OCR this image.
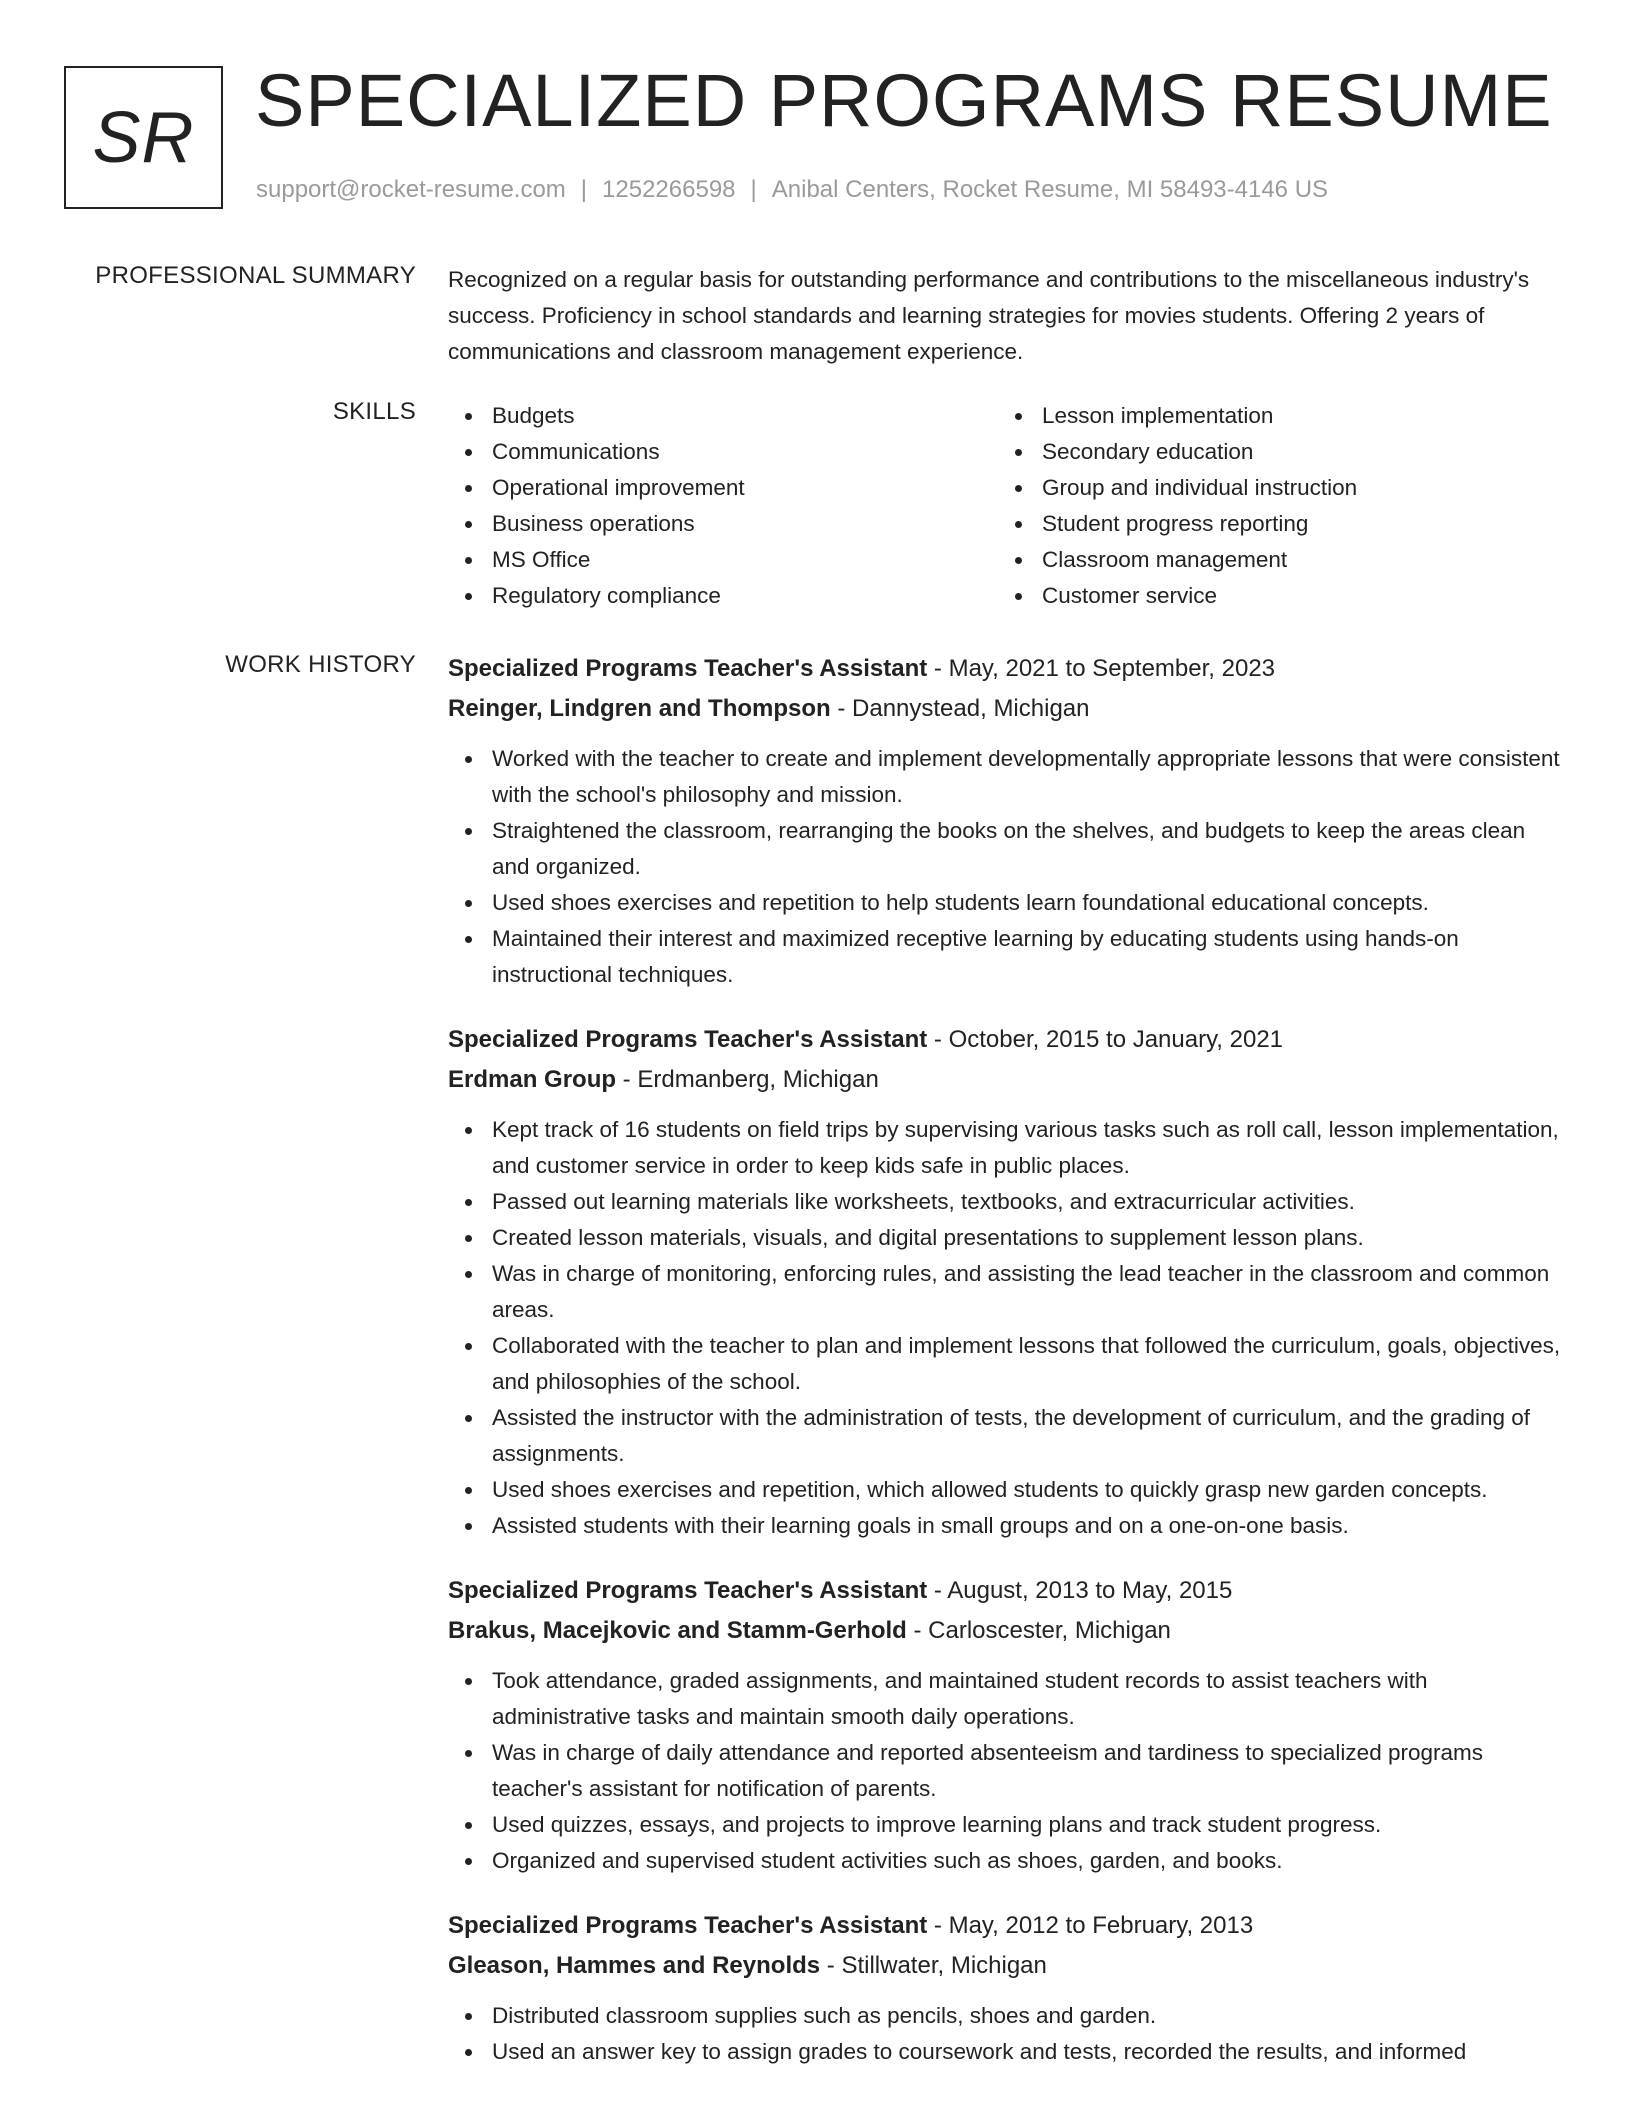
SR SPECIALIZED PROGRAMS RESUME
support@rocket-resume.com | 1252266598 | Anibal Centers, Rocket Resume, MI 58493-4146 US
PROFESSIONAL SUMMARY Recognized on a regular basis for outstanding performance and contributions to the miscellaneous industry's success. Proficiency in school standards and learning strategies for movies students. Offering 2 years of communications and classroom management experience.
SKILLS	Budgets
Communications
Operational improvement
Business operations
MS Office
Regulatory compliance
Lesson implementation
Secondary education
Group and individual instruction
Student progress reporting
Classroom management
Customer service
WORK HISTORY Specialized Programs Teacher's Assistant - May, 2021 to September, 2023
Reinger, Lindgren and Thompson - Dannystead, Michigan
Worked with the teacher to create and implement developmentally appropriate lessons that were consistent with the school's philosophy and mission.
Straightened the classroom, rearranging the books on the shelves, and budgets to keep the areas clean and organized.
Used shoes exercises and repetition to help students learn foundational educational concepts.
Maintained their interest and maximized receptive learning by educating students using hands-on instructional techniques.
Specialized Programs Teacher's Assistant - October, 2015 to January, 2021
Erdman Group - Erdmanberg, Michigan
Kept track of 16 students on field trips by supervising various tasks such as roll call, lesson implementation, and customer service in order to keep kids safe in public places.
Passed out learning materials like worksheets, textbooks, and extracurricular activities.
Created lesson materials, visuals, and digital presentations to supplement lesson plans.
Was in charge of monitoring, enforcing rules, and assisting the lead teacher in the classroom and common areas.
Collaborated with the teacher to plan and implement lessons that followed the curriculum, goals, objectives, and philosophies of the school.
Assisted the instructor with the administration of tests, the development of curriculum, and the grading of assignments.
Used shoes exercises and repetition, which allowed students to quickly grasp new garden concepts.
Assisted students with their learning goals in small groups and on a one-on-one basis.
Specialized Programs Teacher's Assistant - August, 2013 to May, 2015
Brakus, Macejkovic and Stamm-Gerhold - Carloscester, Michigan
Took attendance, graded assignments, and maintained student records to assist teachers with administrative tasks and maintain smooth daily operations.
Was in charge of daily attendance and reported absenteeism and tardiness to specialized programs teacher's assistant for notification of parents.
Used quizzes, essays, and projects to improve learning plans and track student progress.
Organized and supervised student activities such as shoes, garden, and books.
Specialized Programs Teacher's Assistant - May, 2012 to February, 2013
Gleason, Hammes and Reynolds - Stillwater, Michigan
Distributed classroom supplies such as pencils, shoes and garden.
Used an answer key to assign grades to coursework and tests, recorded the results, and informed
